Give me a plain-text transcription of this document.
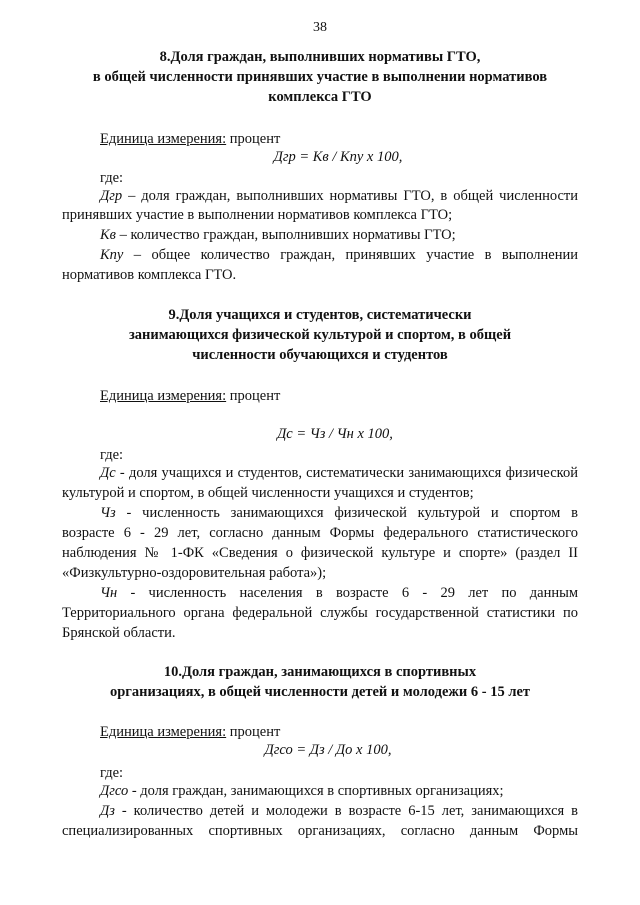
38
8.Доля граждан, выполнивших нормативы ГТО,
в общей численности принявших участие в выполнении нормативов
комплекса ГТО
Единица измерения: процент
Дгр = Кв / Кпу х 100,
где:
Дгр – доля граждан, выполнивших нормативы ГТО, в общей численности
принявших участие в выполнении нормативов комплекса ГТО;
Кв – количество граждан, выполнивших нормативы ГТО;
Кпу – общее количество граждан, принявших участие в выполнении
нормативов комплекса ГТО.
9.Доля учащихся и студентов, систематически
занимающихся физической культурой и спортом, в общей
численности обучающихся и студентов
Единица измерения: процент
Дс = Чз / Чн х 100,
где:
Дс - доля учащихся и студентов, систематически занимающихся физической
культурой и спортом, в общей численности учащихся и студентов;
Чз - численность занимающихся физической культурой и спортом в
возрасте 6 - 29 лет, согласно данным Формы федерального статистического
наблюдения № 1-ФК «Сведения о физической культуре и спорте» (раздел II
«Физкультурно-оздоровительная работа»);
Чн - численность населения в возрасте 6 - 29 лет по данным
Территориального органа федеральной службы государственной статистики по
Брянской области.
10.Доля граждан, занимающихся в спортивных
организациях, в общей численности детей и молодежи 6 - 15 лет
Единица измерения: процент
Дгсо = Дз / До х 100,
где:
Дгсо - доля граждан, занимающихся в спортивных организациях;
Дз - количество детей и молодежи в возрасте 6-15 лет, занимающихся в
специализированных спортивных организациях, согласно данным Формы
